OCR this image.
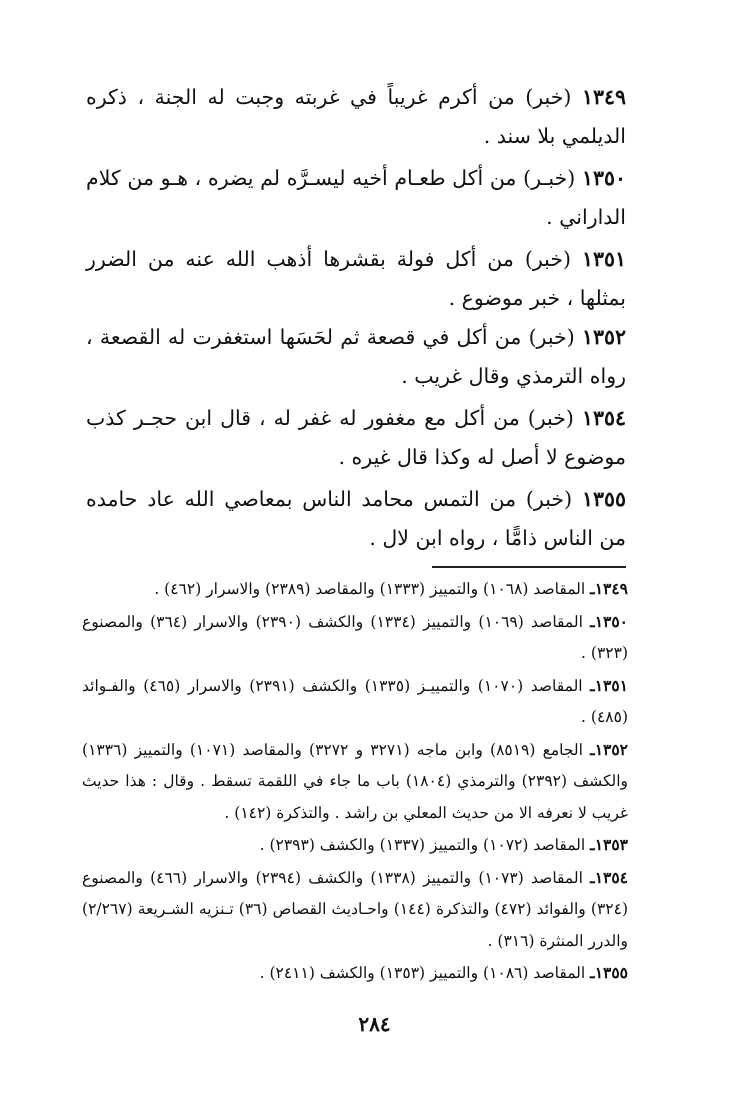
١٣٤٩ (خبر) من أكرم غريباً في غربته وجبت له الجنة ، ذكره الديلمي بلا سند .

١٣٥٠ (خبـر) من أكل طعـام أخيه ليسـرَّه لم يضره ، هـو من كلام الداراني .

١٣٥١ (خبر) من أكل فولة بقشرها أذهب الله عنه من الضرر بمثلها ، خبر موضوع .

١٣٥٢ (خبر) من أكل في قصعة ثم لحَسَها استغفرت له القصعة ، رواه الترمذي وقال غريب .

١٣٥٤ (خبر) من أكل مع مغفور له غفر له ، قال ابن حجـر كذب موضوع لا أصل له وكذا قال غيره .

١٣٥٥ (خبر) من التمس محامد الناس بمعاصي الله عاد حامده من الناس ذامًّا ، رواه ابن لال .

١٣٤٩ـ المقاصد (١٠٦٨) والتمييز (١٣٣٣) والمقاصد (٢٣٨٩) والاسرار (٤٦٢) .

١٣٥٠ـ المقاصد (١٠٦٩) والتمييز (١٣٣٤) والكشف (٢٣٩٠) والاسرار (٣٦٤) والمصنوع (٣٢٣) .

١٣٥١ـ المقاصد (١٠٧٠) والتمييـز (١٣٣٥) والكشف (٢٣٩١) والاسرار (٤٦٥) والفـوائد (٤٨٥) .

١٣٥٢ـ الجامع (٨٥١٩) وابن ماجه (٣٢٧١ و ٣٢٧٢) والمقاصد (١٠٧١) والتمييز (١٣٣٦) والكشف (٢٣٩٢) والترمذي (١٨٠٤) باب ما جاء في اللقمة تسقط . وقال : هذا حديث غريب لا نعرفه الا من حديث المعلي بن راشد . والتذكرة (١٤٢) .

١٣٥٣ـ المقاصد (١٠٧٢) والتمييز (١٣٣٧) والكشف (٢٣٩٣) .

١٣٥٤ـ المقاصد (١٠٧٣) والتمييز (١٣٣٨) والكشف (٢٣٩٤) والاسرار (٤٦٦) والمصنوع (٣٢٤) والفوائد (٤٧٢) والتذكرة (١٤٤) واحـاديث القصاص (٣٦) تـنزيه الشـريعة (٢/٢٦٧) والدرر المنثرة (٣١٦) .

١٣٥٥ـ المقاصد (١٠٨٦) والتمييز (١٣٥٣) والكشف (٢٤١١) .

٢٨٤
